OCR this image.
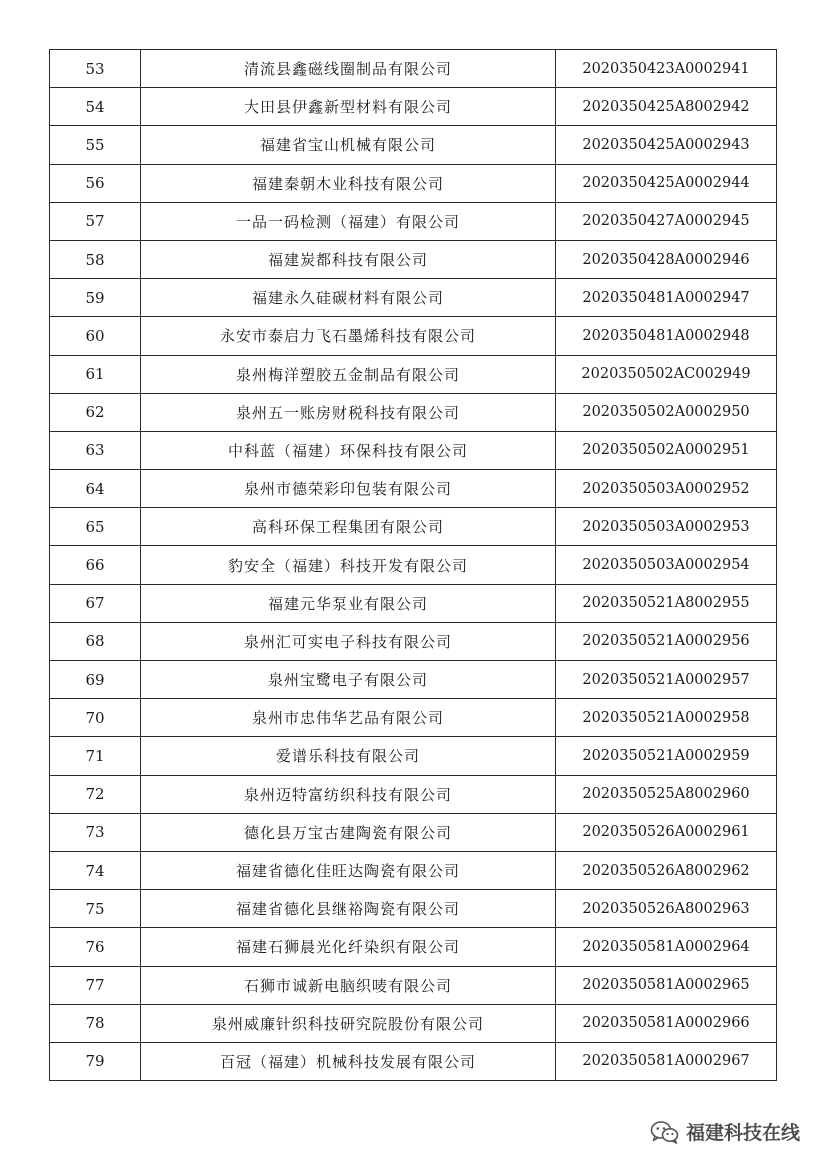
53	清流县鑫磁线圈制品有限公司	2020350423A0002941
54	大田县伊鑫新型材料有限公司	2020350425A8002942
55	福建省宝山机械有限公司	2020350425A0002943
56	福建秦朝木业科技有限公司	2020350425A0002944
57	一品一码检测（福建）有限公司	2020350427A0002945
58	福建炭都科技有限公司	2020350428A0002946
59	福建永久硅碳材料有限公司	2020350481A0002947
60	永安市泰启力飞石墨烯科技有限公司	2020350481A0002948
61	泉州梅洋塑胶五金制品有限公司	2020350502AC002949
62	泉州五一账房财税科技有限公司	2020350502A0002950
63	中科蓝（福建）环保科技有限公司	2020350502A0002951
64	泉州市德荣彩印包装有限公司	2020350503A0002952
65	高科环保工程集团有限公司	2020350503A0002953
66	豹安全（福建）科技开发有限公司	2020350503A0002954
67	福建元华泵业有限公司	2020350521A8002955
68	泉州汇可实电子科技有限公司	2020350521A0002956
69	泉州宝鹭电子有限公司	2020350521A0002957
70	泉州市忠伟华艺品有限公司	2020350521A0002958
71	爱谱乐科技有限公司	2020350521A0002959
72	泉州迈特富纺织科技有限公司	2020350525A8002960
73	德化县万宝古建陶瓷有限公司	2020350526A0002961
74	福建省德化佳旺达陶瓷有限公司	2020350526A8002962
75	福建省德化县继裕陶瓷有限公司	2020350526A8002963
76	福建石狮晨光化纤染织有限公司	2020350581A0002964
77	石狮市诚新电脑织唛有限公司	2020350581A0002965
78	泉州威廉针织科技研究院股份有限公司	2020350581A0002966
79	百冠（福建）机械科技发展有限公司	2020350581A0002967
福建科技在线
